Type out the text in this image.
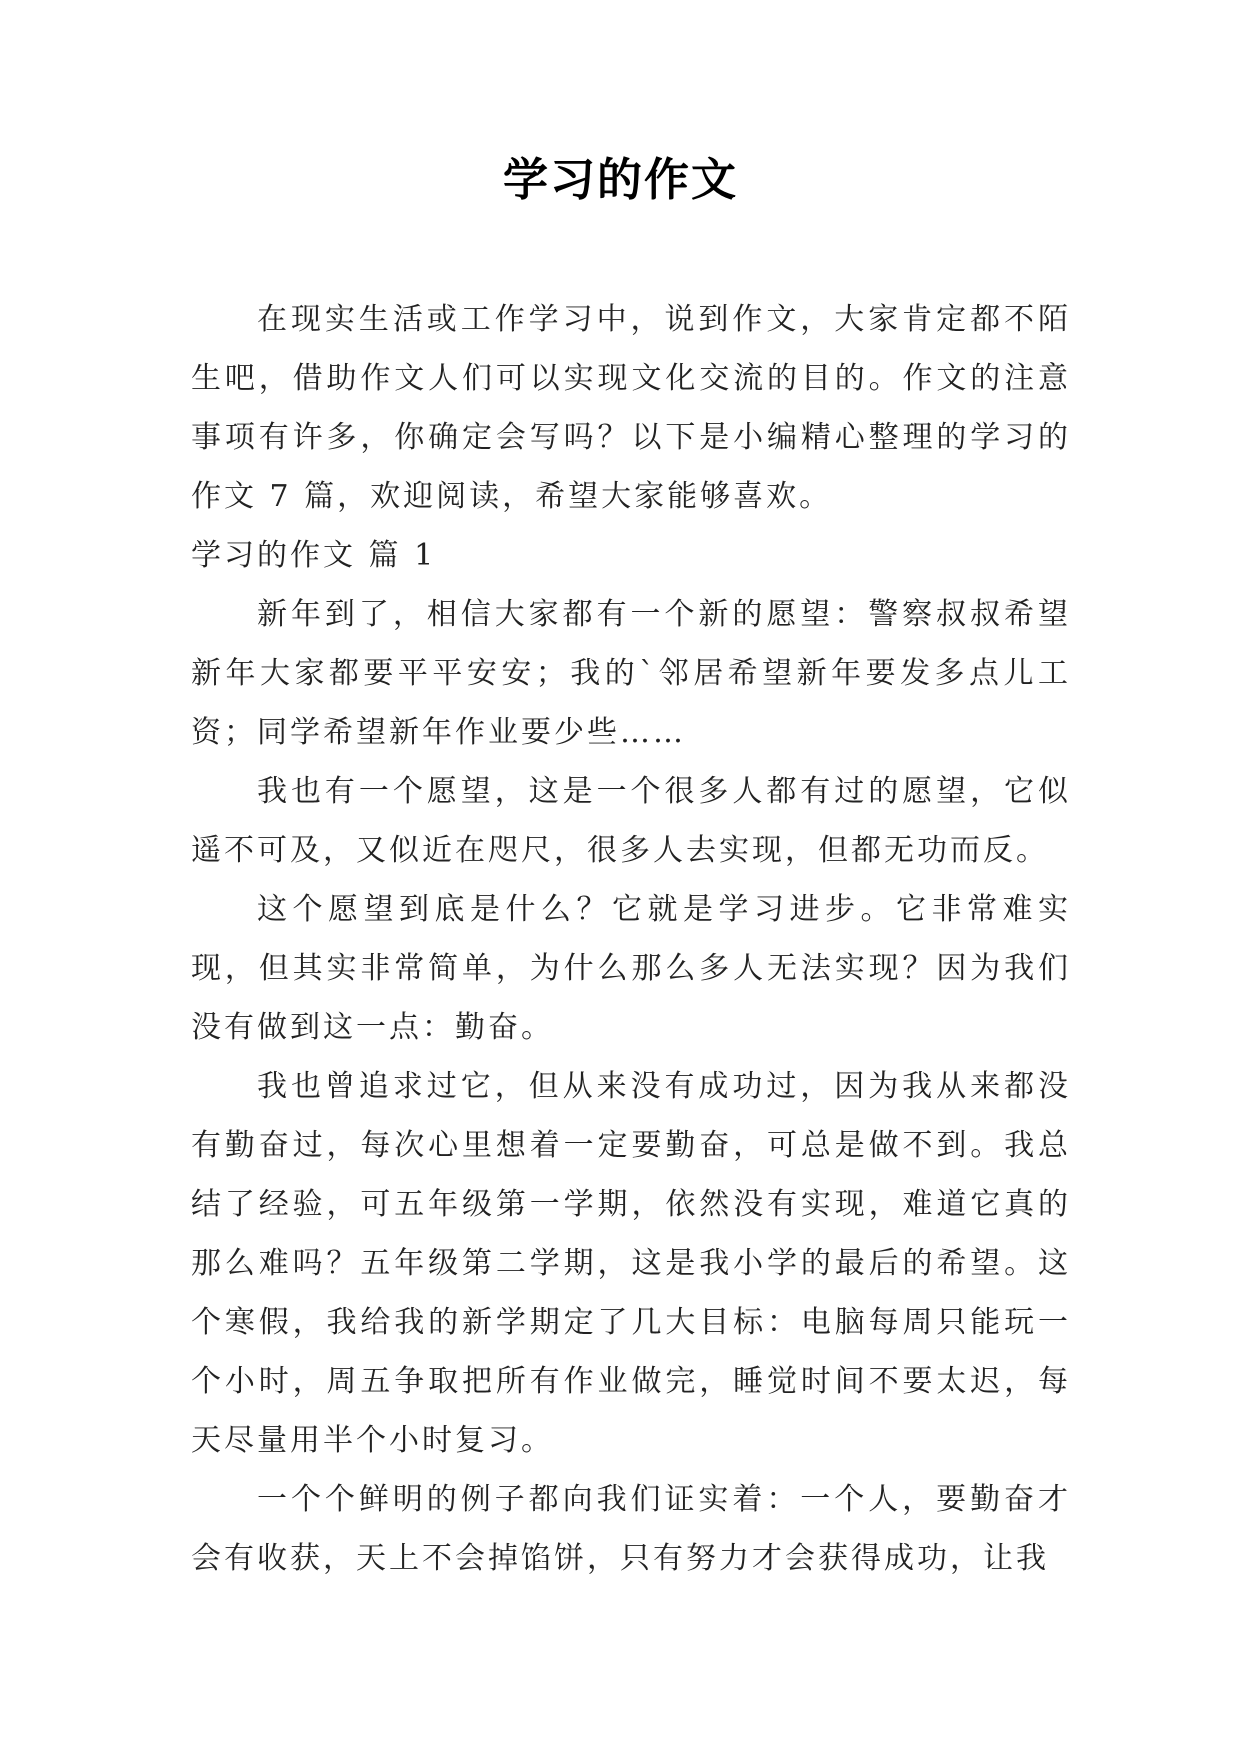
学习的作文

在现实生活或工作学习中，说到作文，大家肯定都不陌生吧，借助作文人们可以实现文化交流的目的。作文的注意事项有许多，你确定会写吗？以下是小编精心整理的学习的作文 7 篇，欢迎阅读，希望大家能够喜欢。

学习的作文 篇 1

新年到了，相信大家都有一个新的愿望：警察叔叔希望新年大家都要平平安安；我的`邻居希望新年要发多点儿工资；同学希望新年作业要少些……

我也有一个愿望，这是一个很多人都有过的愿望，它似遥不可及，又似近在咫尺，很多人去实现，但都无功而反。

这个愿望到底是什么？它就是学习进步。它非常难实现，但其实非常简单，为什么那么多人无法实现？因为我们没有做到这一点：勤奋。

我也曾追求过它，但从来没有成功过，因为我从来都没有勤奋过，每次心里想着一定要勤奋，可总是做不到。我总结了经验，可五年级第一学期，依然没有实现，难道它真的那么难吗？五年级第二学期，这是我小学的最后的希望。这个寒假，我给我的新学期定了几大目标：电脑每周只能玩一个小时，周五争取把所有作业做完，睡觉时间不要太迟，每天尽量用半个小时复习。

一个个鲜明的例子都向我们证实着：一个人，要勤奋才会有收获，天上不会掉馅饼，只有努力才会获得成功，让我
